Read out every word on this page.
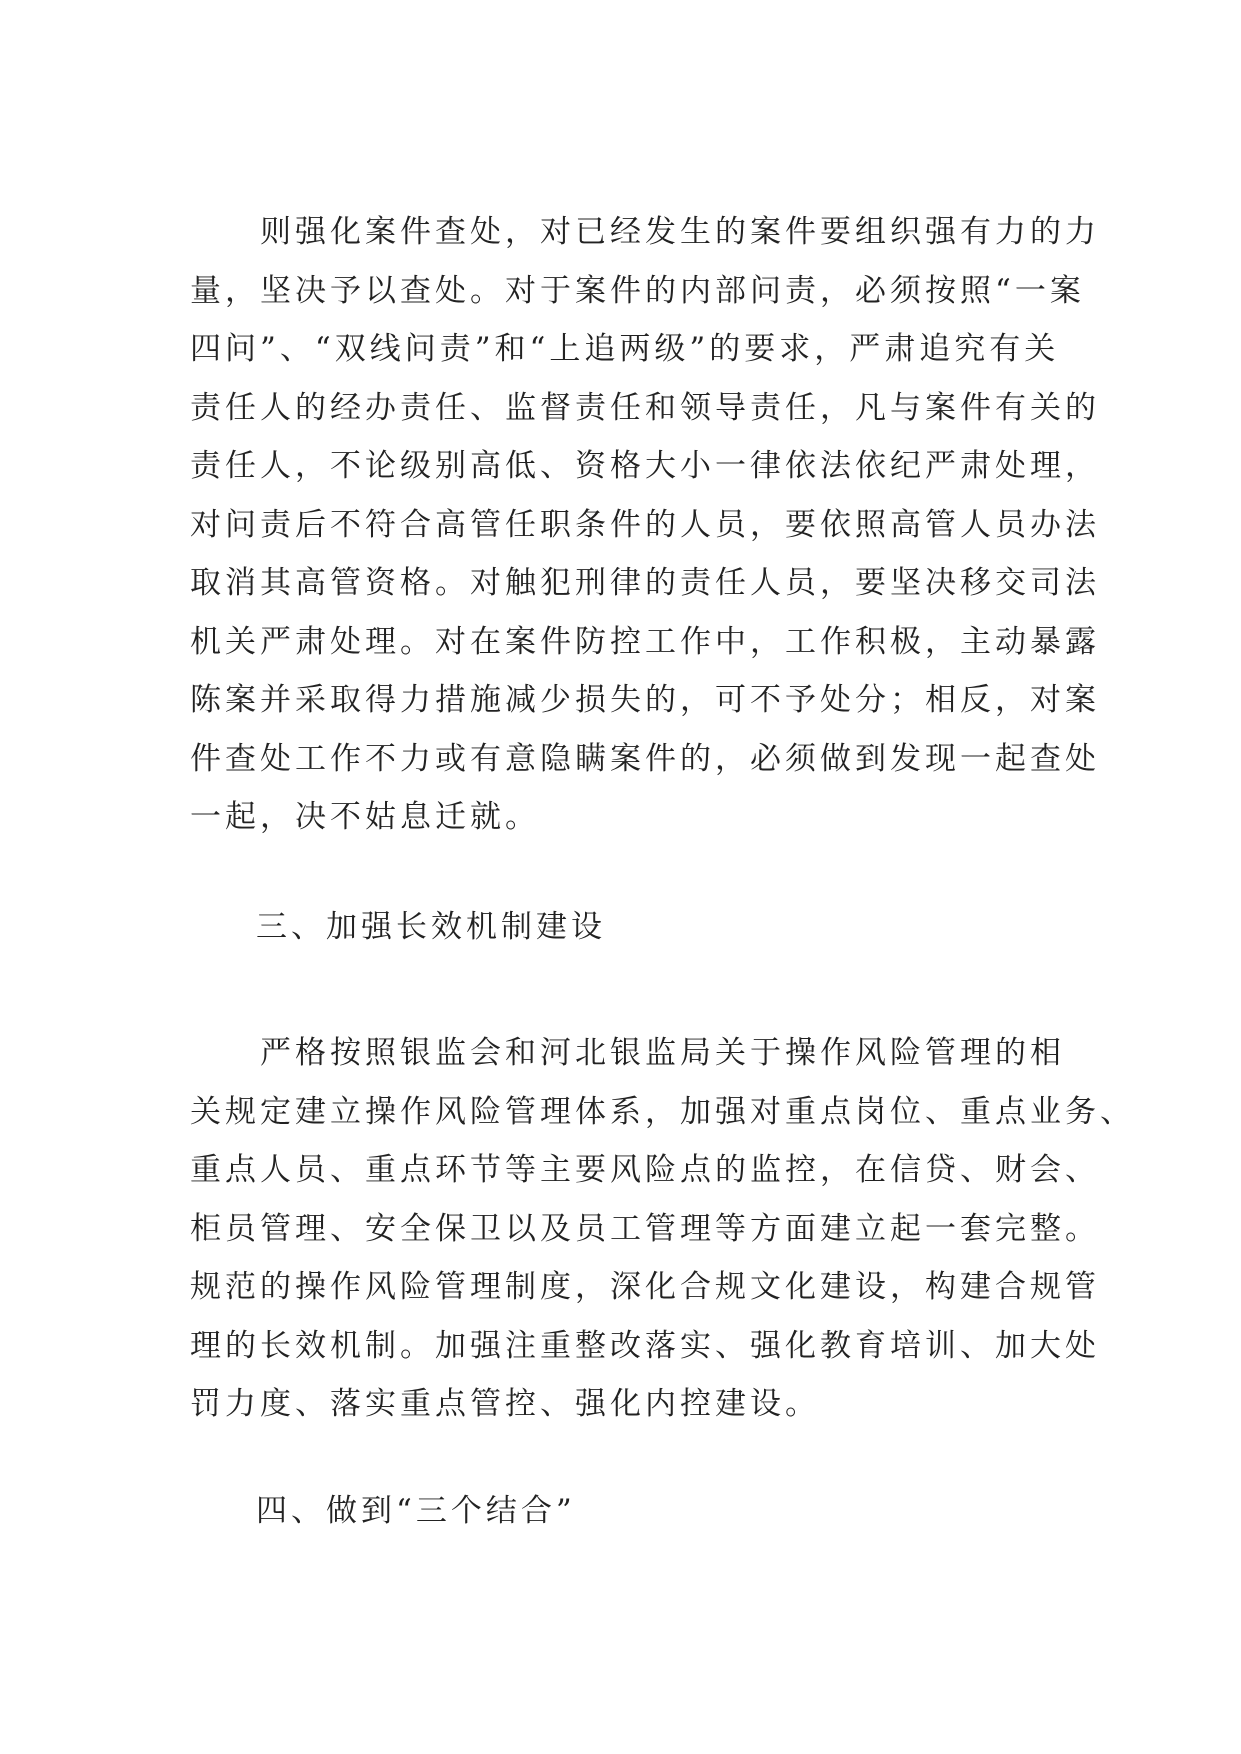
　　则强化案件查处，对已经发生的案件要组织强有力的力
量，坚决予以查处。对于案件的内部问责，必须按照“一案
四问”、“双线问责”和“上追两级”的要求，严肃追究有关
责任人的经办责任、监督责任和领导责任，凡与案件有关的
责任人，不论级别高低、资格大小一律依法依纪严肃处理，
对问责后不符合高管任职条件的人员，要依照高管人员办法
取消其高管资格。对触犯刑律的责任人员，要坚决移交司法
机关严肃处理。对在案件防控工作中，工作积极，主动暴露
陈案并采取得力措施减少损失的，可不予处分；相反，对案
件查处工作不力或有意隐瞒案件的，必须做到发现一起查处
一起，决不姑息迁就。
三、加强长效机制建设
　　严格按照银监会和河北银监局关于操作风险管理的相
关规定建立操作风险管理体系，加强对重点岗位、重点业务、
重点人员、重点环节等主要风险点的监控，在信贷、财会、
柜员管理、安全保卫以及员工管理等方面建立起一套完整。
规范的操作风险管理制度，深化合规文化建设，构建合规管
理的长效机制。加强注重整改落实、强化教育培训、加大处
罚力度、落实重点管控、强化内控建设。
四、做到“三个结合”
